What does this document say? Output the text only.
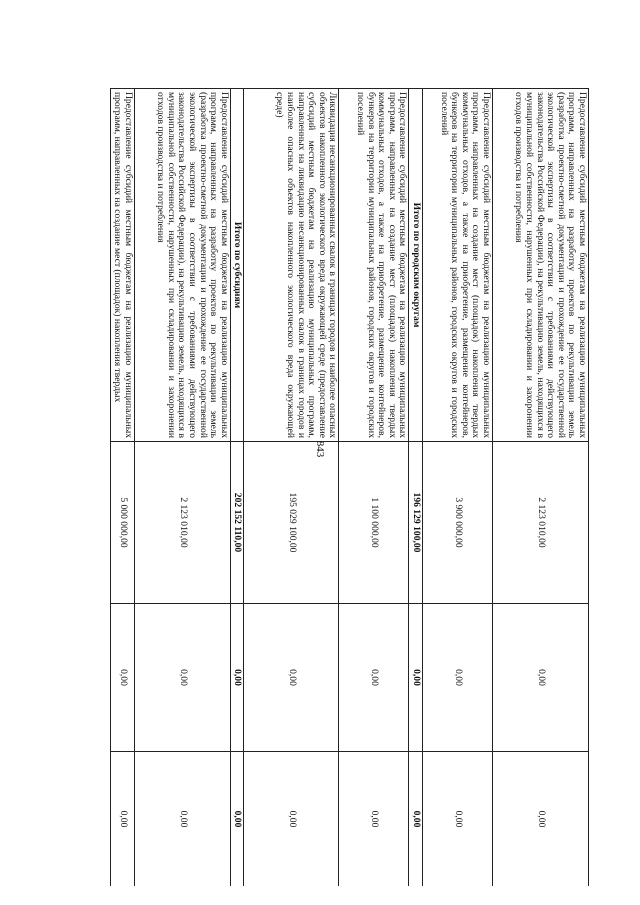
843
Предоставление субсидий местным бюджетам на реализацию муниципальных программ, направленных на разработку проектов по рекультивации земель (разработка проектно-сметной документации и прохождение ее государственной экологической экспертизы в соответствии с требованиями действующего законодательства Российской Федерации), на рекультивацию земель, находящихся в муниципальной собственности, нарушенных при складировании и захоронении отходов производства и потребления	2 123 010,00	0,00	0,00
Предоставление субсидий местным бюджетам на реализацию муниципальных программ, направленных на создание мест (площадок) накопления твердых коммунальных отходов, а также на приобретение, размещение контейнеров, бункеров на территории муниципальных районов, городских округов и городских поселений	3 900 000,00	0,00	0,00
Итого по городским округам	196 129 100,00	0,00	0,00
Предоставление субсидий местным бюджетам на реализацию муниципальных программ, направленных на создание мест (площадок) накопления твердых коммунальных отходов, а также на приобретение, размещение контейнеров, бункеров на территории муниципальных районов, городских округов и городских поселений	1 100 000,00	0,00	0,00
Ликвидация несанкционированных свалок в границах городов и наиболее опасных объектов накопленного экологического вреда окружающей среде (предоставление субсидий местным бюджетам на реализацию муниципальных программ, направленных на ликвидацию несанкционированных свалок в границах городов и наиболее опасных объектов накопленного экологического вреда окружающей среде)	195 029 100,00	0,00	0,00
Итого по субсидиям	202 152 110,00	0,00	0,00
Предоставление субсидий местным бюджетам на реализацию муниципальных программ, направленных на разработку проектов по рекультивации земель (разработка проектно-сметной документации и прохождение ее государственной экологической экспертизы в соответствии с требованиями действующего законодательства Российской Федерации), на рекультивацию земель, находящихся в муниципальной собственности, нарушенных при складировании и захоронении отходов производства и потребления	2 123 010,00	0,00	0,00
Предоставление субсидий местным бюджетам на реализацию муниципальных программ, направленных на создание мест (площадок) накопления твердых	5 000 000,00	0,00	0,00
